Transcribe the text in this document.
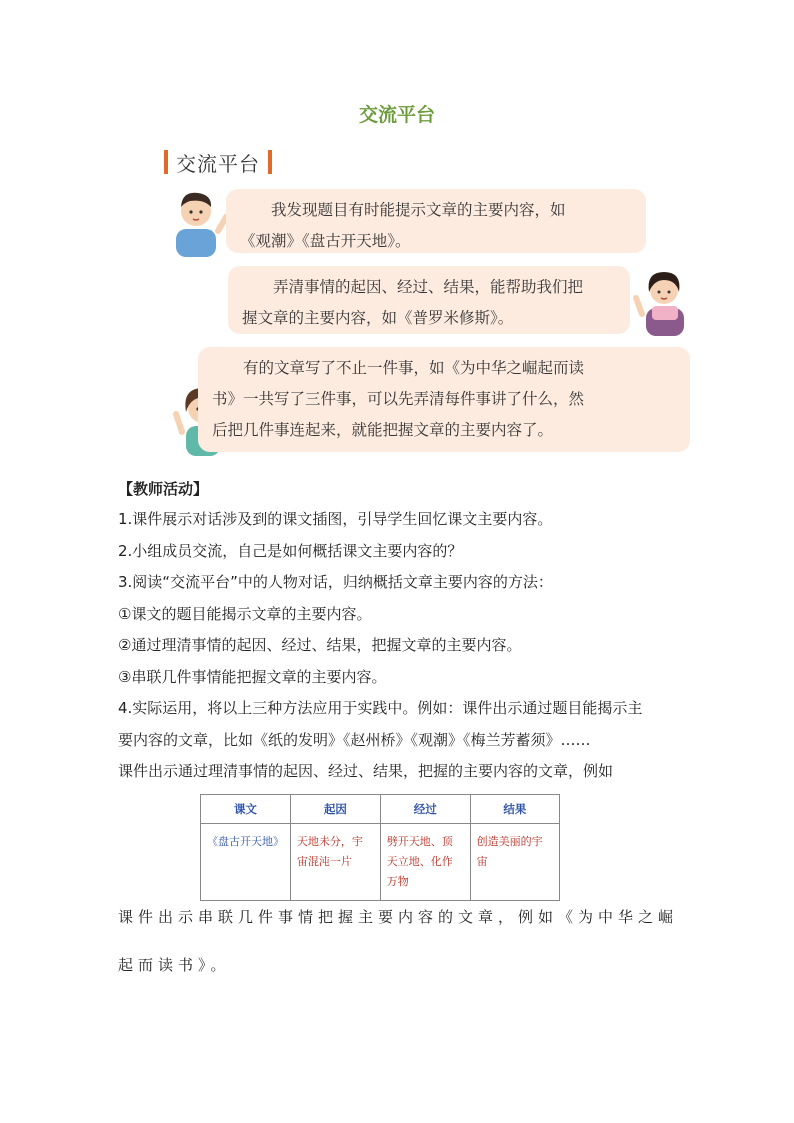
交流平台
交流平台
我发现题目有时能提示文章的主要内容，如
《观潮》《盘古开天地》。
弄清事情的起因、经过、结果，能帮助我们把
握文章的主要内容，如《普罗米修斯》。
有的文章写了不止一件事，如《为中华之崛起而读
书》一共写了三件事，可以先弄清每件事讲了什么，然
后把几件事连起来，就能把握文章的主要内容了。
【教师活动】
1.课件展示对话涉及到的课文插图，引导学生回忆课文主要内容。
2.小组成员交流，自己是如何概括课文主要内容的？
3.阅读“交流平台”中的人物对话，归纳概括文章主要内容的方法：
①课文的题目能揭示文章的主要内容。
②通过理清事情的起因、经过、结果，把握文章的主要内容。
③串联几件事情能把握文章的主要内容。
4.实际运用，将以上三种方法应用于实践中。例如：课件出示通过题目能揭示主
要内容的文章，比如《纸的发明》《赵州桥》《观潮》《梅兰芳蓄须》……
课件出示通过理清事情的起因、经过、结果，把握的主要内容的文章，例如
课文	起因	经过	结果
《盘古开天地》	天地未分，宇宙混沌一片	劈开天地、顶天立地、化作万物	创造美丽的宇宙
课件出示串联几件事情把握主要内容的文章，例如《为中华之崛起而读书》。
